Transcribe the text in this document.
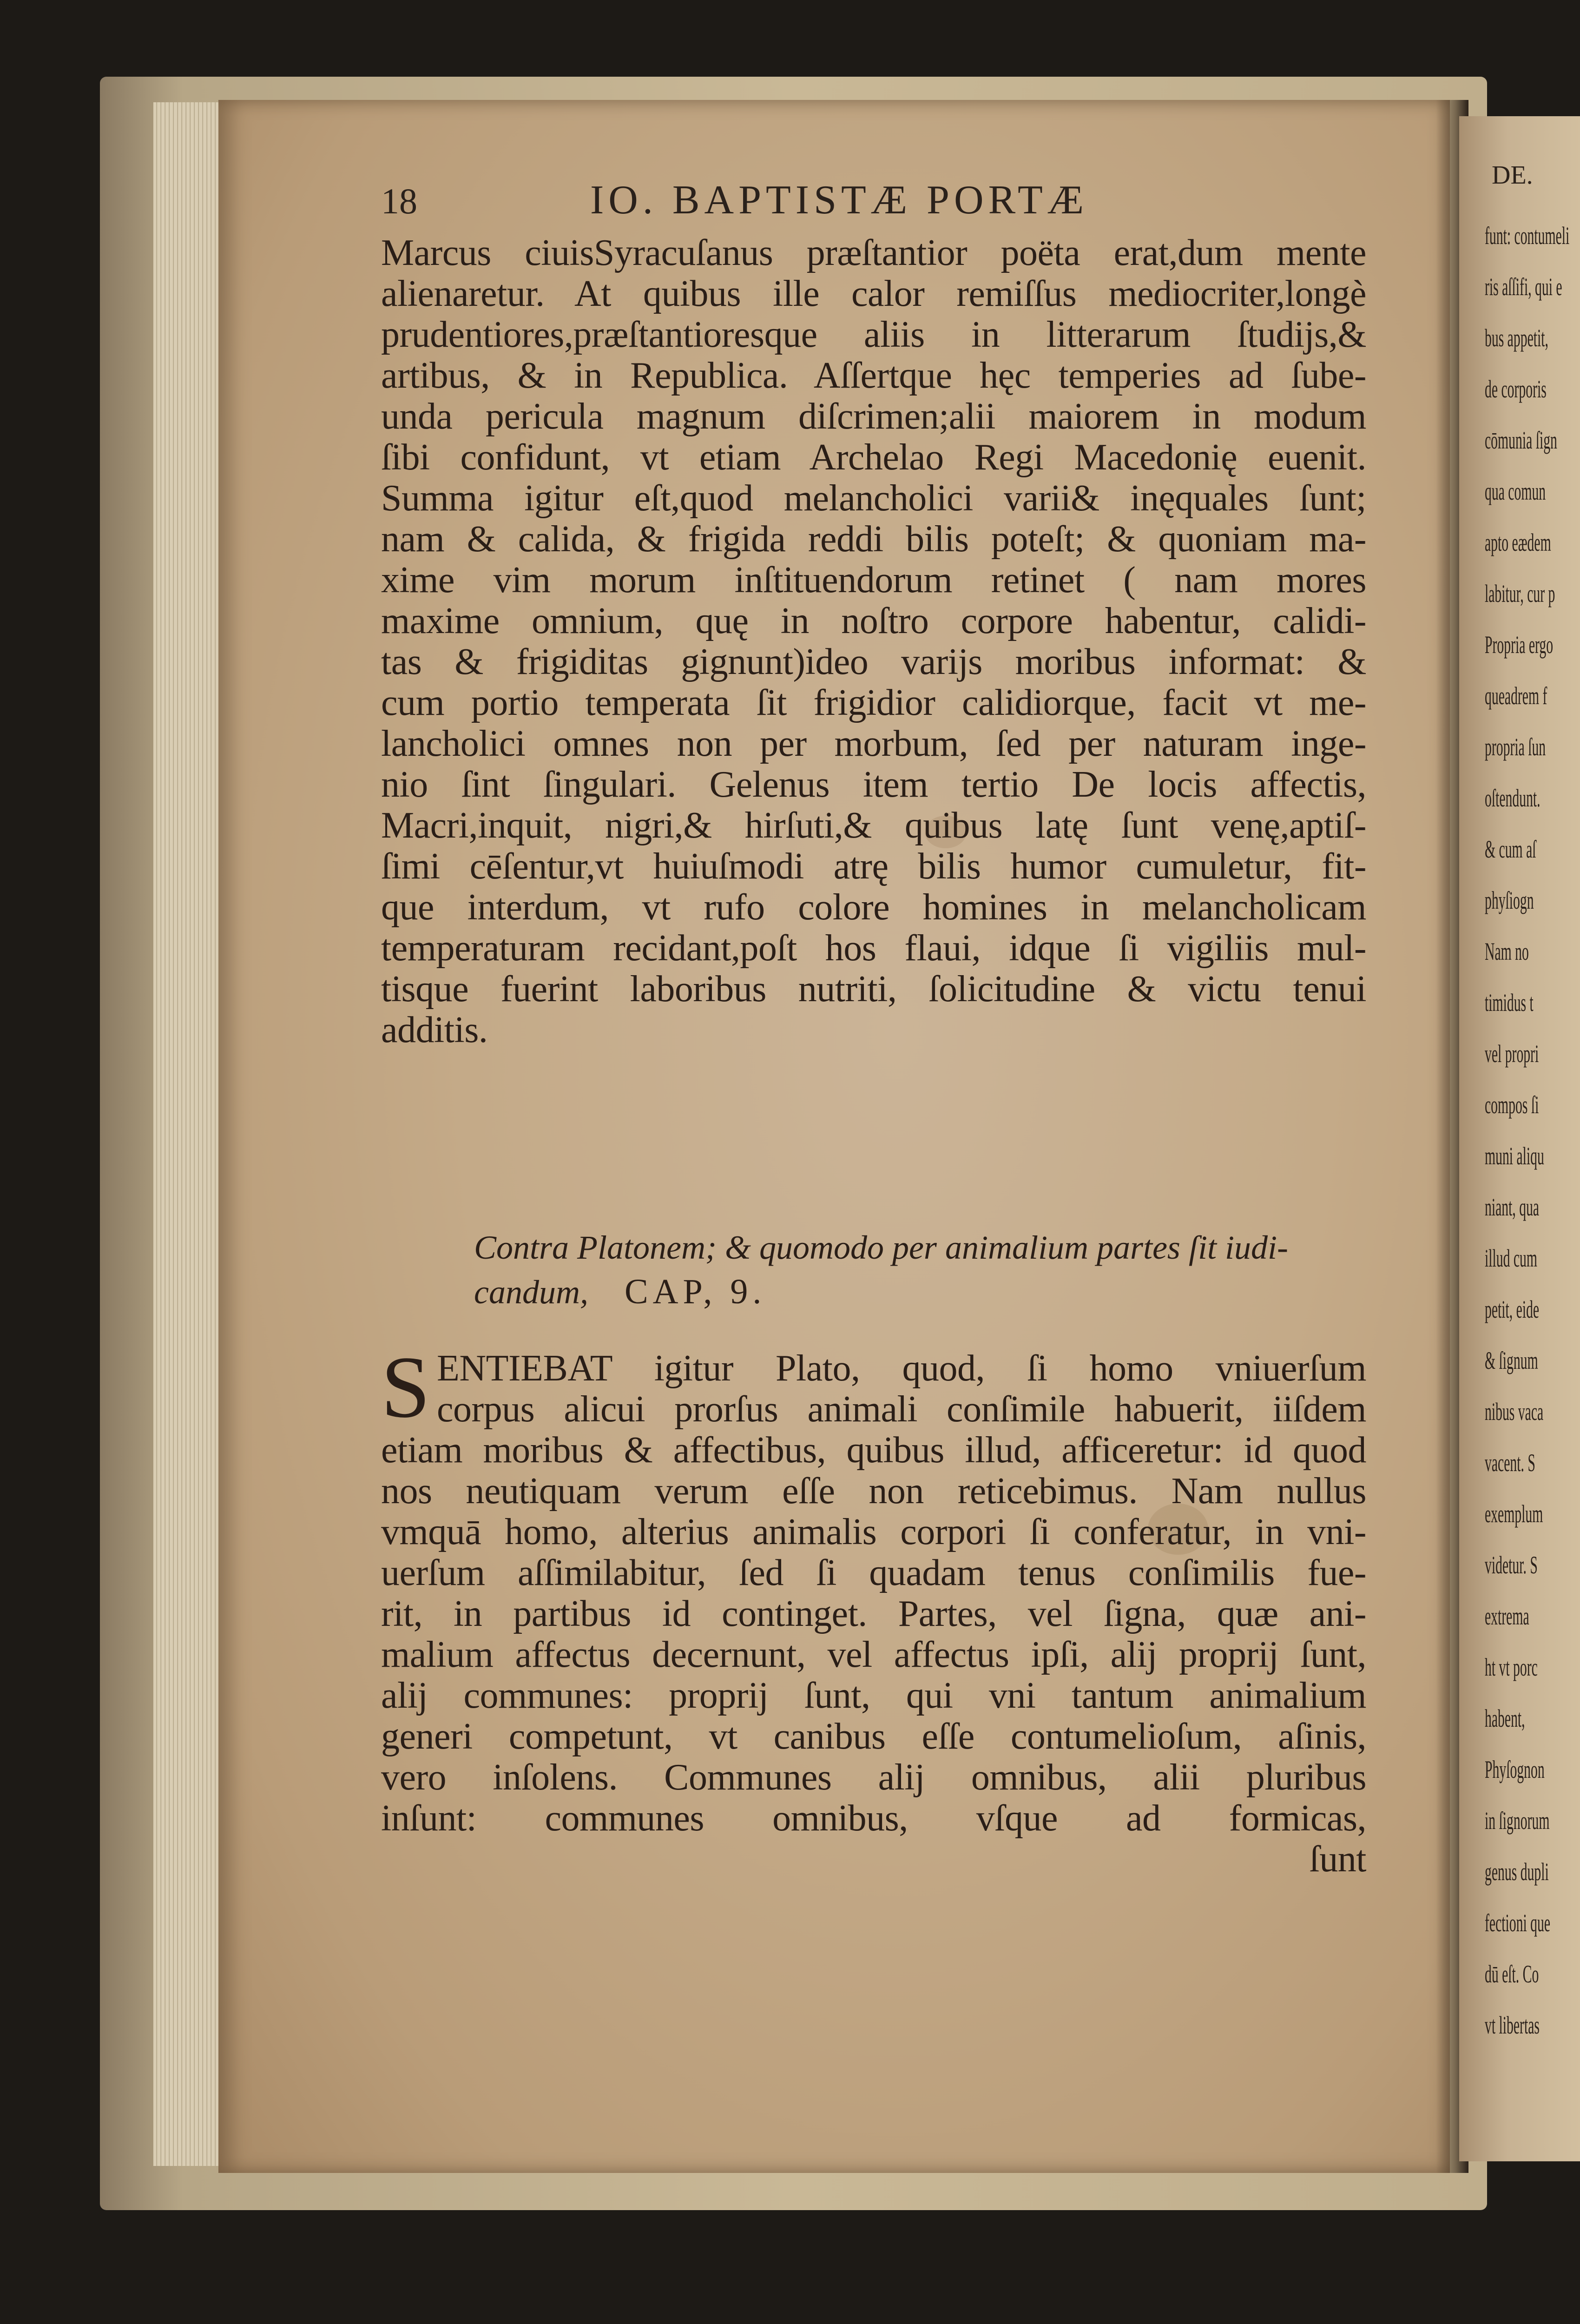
DE.
funt: contumeli
ris aſſifi, qui e
bus appetit,
de corporis
cōmunia ſign
qua comun
apto eædem
labitur, cur p
Propria ergo
queadrem f
propria ſun
oſtendunt.
& cum aſ
phyſiogn
Nam no
timidus t
vel propri
compos ſi
muni aliqu
niant, qua
illud cum
petit, eide
& ſignum
nibus vaca
vacent. S
exemplum
videtur. S
extrema
ht vt porc
habent,
Phyſognon
in ſignorum
genus dupli
fectioni que
dū eſt. Co
vt libertas
18	IO. BAPTISTÆ PORTÆ
Marcus ciuisSyracuſanus præſtantior poëta erat,dum mente
alienaretur. At quibus ille calor remiſſus mediocriter,longè
prudentiores,præſtantioresque aliis in litterarum ſtudijs,&
artibus, & in Republica. Aſſertque hęc temperies ad ſube-
unda pericula magnum diſcrimen;alii maiorem in modum
ſibi confidunt, vt etiam Archelao Regi Macedonię euenit.
Summa igitur eſt,quod melancholici varii& inęquales ſunt;
nam & calida, & frigida reddi bilis poteſt; & quoniam ma-
xime vim morum inſtituendorum retinet ( nam mores
maxime omnium, quę in noſtro corpore habentur, calidi-
tas & frigiditas gignunt)ideo varijs moribus informat: &
cum portio temperata ſit frigidior calidiorque, facit vt me-
lancholici omnes non per morbum, ſed per naturam inge-
nio ſint ſingulari. Gelenus item tertio De locis affectis,
Macri,inquit, nigri,& hirſuti,& quibus latę ſunt venę,aptiſ-
ſimi cēſentur,vt huiuſmodi atrę bilis humor cumuletur, fit-
que interdum, vt rufo colore homines in melancholicam
temperaturam recidant,poſt hos flaui, idque ſi vigiliis mul-
tisque fuerint laboribus nutriti, ſolicitudine & victu tenui
additis.
Contra Platonem; & quomodo per animalium partes ſit iudi-
candum, CAP, 9.
S ENTIEBAT igitur Plato, quod, ſi homo vniuerſum
corpus alicui prorſus animali conſimile habuerit, iiſdem
etiam moribus & affectibus, quibus illud, afficeretur: id quod
nos neutiquam verum eſſe non reticebimus. Nam nullus
vmquā homo, alterius animalis corpori ſi conferatur, in vni-
uerſum aſſimilabitur, ſed ſi quadam tenus conſimilis fue-
rit, in partibus id continget. Partes, vel ſigna, quæ ani-
malium affectus decernunt, vel affectus ipſi, alij proprij ſunt,
alij communes: proprij ſunt, qui vni tantum animalium
generi competunt, vt canibus eſſe contumelioſum, aſinis,
vero inſolens. Communes alij omnibus, alii pluribus
inſunt: communes omnibus, vſque ad formicas,
ſunt
